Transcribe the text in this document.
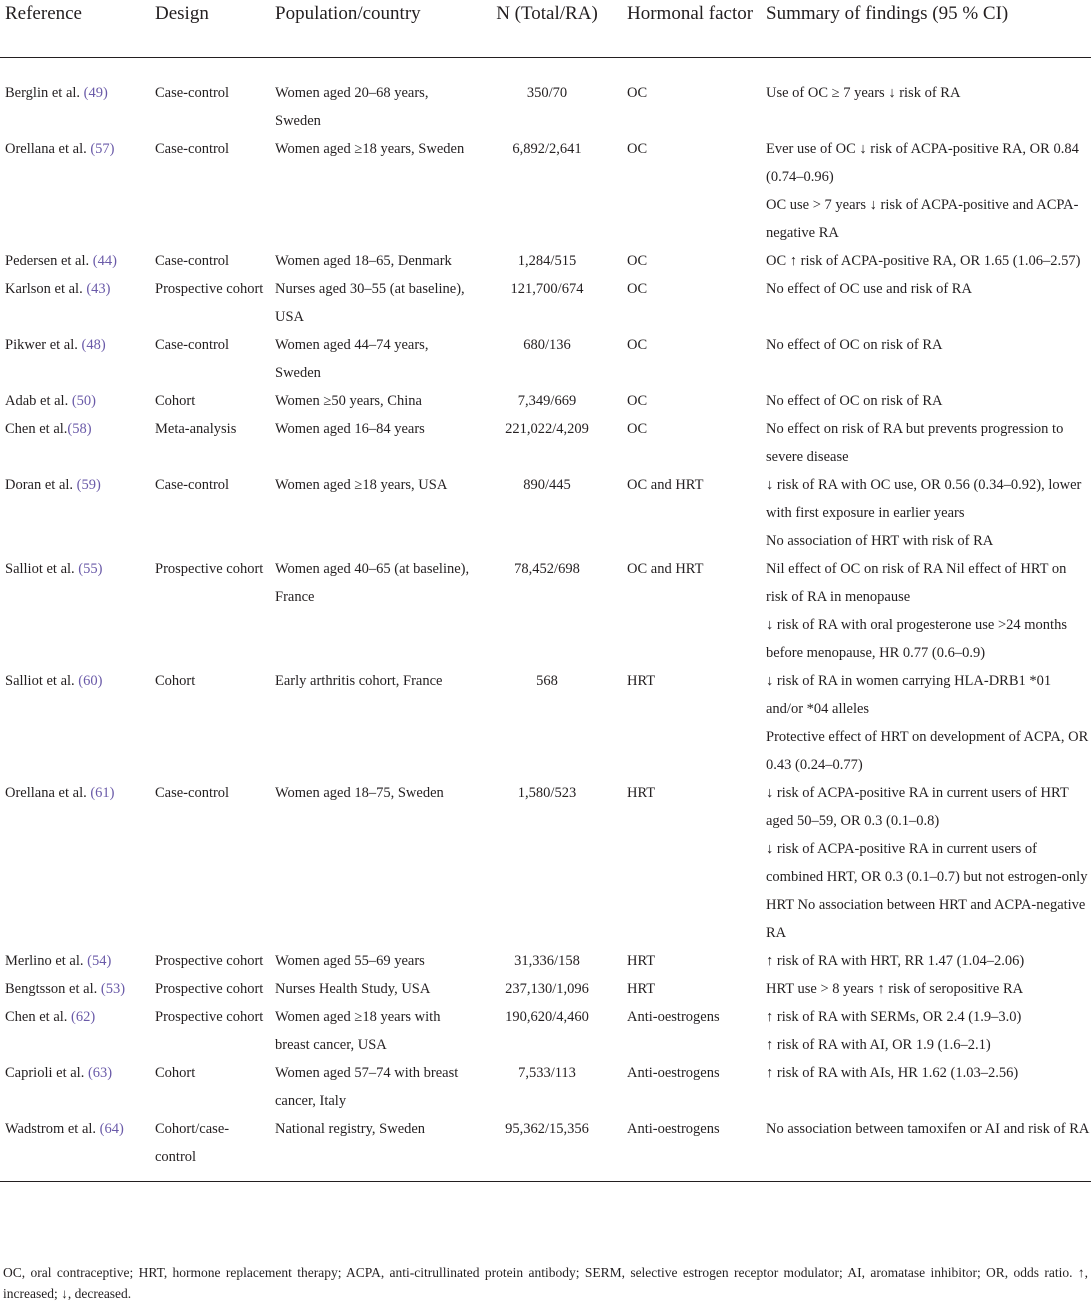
Reference	Design	Population/country	N (Total/RA)	Hormonal factor	Summary of findings (95 % CI)
Berglin et al. (49)	Case-control	Women aged 20–68 years, Sweden	350/70	OC	Use of OC ≥ 7 years ↓ risk of RA

Orellana et al. (57)	Case-control	Women aged ≥18 years, Sweden	6,892/2,641	OC	Ever use of OC ↓ risk of ACPA-positive RA, OR 0.84 (0.74–0.96)
OC use > 7 years ↓ risk of ACPA-positive and ACPA-negative RA

Pedersen et al. (44)	Case-control	Women aged 18–65, Denmark	1,284/515	OC	OC ↑ risk of ACPA-positive RA, OR 1.65 (1.06–2.57)

Karlson et al. (43)	Prospective cohort	Nurses aged 30–55 (at baseline), USA	121,700/674	OC	No effect of OC use and risk of RA

Pikwer et al. (48)	Case-control	Women aged 44–74 years, Sweden	680/136	OC	No effect of OC on risk of RA

Adab et al. (50)	Cohort	Women ≥50 years, China	7,349/669	OC	No effect of OC on risk of RA

Chen et al.(58)	Meta-analysis	Women aged 16–84 years	221,022/4,209	OC	No effect on risk of RA but prevents progression to severe disease

Doran et al. (59)	Case-control	Women aged ≥18 years, USA	890/445	OC and HRT	↓ risk of RA with OC use, OR 0.56 (0.34–0.92), lower with first exposure in earlier years
No association of HRT with risk of RA

Salliot et al. (55)	Prospective cohort	Women aged 40–65 (at baseline), France	78,452/698	OC and HRT	Nil effect of OC on risk of RA Nil effect of HRT on risk of RA in menopause
↓ risk of RA with oral progesterone use >24 months before menopause, HR 0.77 (0.6–0.9)

Salliot et al. (60)	Cohort	Early arthritis cohort, France	568	HRT	↓ risk of RA in women carrying HLA-DRB1 *01 and/or *04 alleles
Protective effect of HRT on development of ACPA, OR 0.43 (0.24–0.77)

Orellana et al. (61)	Case-control	Women aged 18–75, Sweden	1,580/523	HRT	↓ risk of ACPA-positive RA in current users of HRT aged 50–59, OR 0.3 (0.1–0.8)
↓ risk of ACPA-positive RA in current users of combined HRT, OR 0.3 (0.1–0.7) but not estrogen-only HRT No association between HRT and ACPA-negative RA

Merlino et al. (54)	Prospective cohort	Women aged 55–69 years	31,336/158	HRT	↑ risk of RA with HRT, RR 1.47 (1.04–2.06)

Bengtsson et al. (53)	Prospective cohort	Nurses Health Study, USA	237,130/1,096	HRT	HRT use > 8 years ↑ risk of seropositive RA

Chen et al. (62)	Prospective cohort	Women aged ≥18 years with breast cancer, USA	190,620/4,460	Anti-oestrogens	↑ risk of RA with SERMs, OR 2.4 (1.9–3.0)
↑ risk of RA with AI, OR 1.9 (1.6–2.1)

Caprioli et al. (63)	Cohort	Women aged 57–74 with breast cancer, Italy	7,533/113	Anti-oestrogens	↑ risk of RA with AIs, HR 1.62 (1.03–2.56)

Wadstrom et al. (64)	Cohort/case-control	National registry, Sweden	95,362/15,356	Anti-oestrogens	No association between tamoxifen or AI and risk of RA
OC, oral contraceptive; HRT, hormone replacement therapy; ACPA, anti-citrullinated protein antibody; SERM, selective estrogen receptor modulator; AI, aromatase inhibitor; OR, odds ratio. ↑, increased; ↓, decreased.
